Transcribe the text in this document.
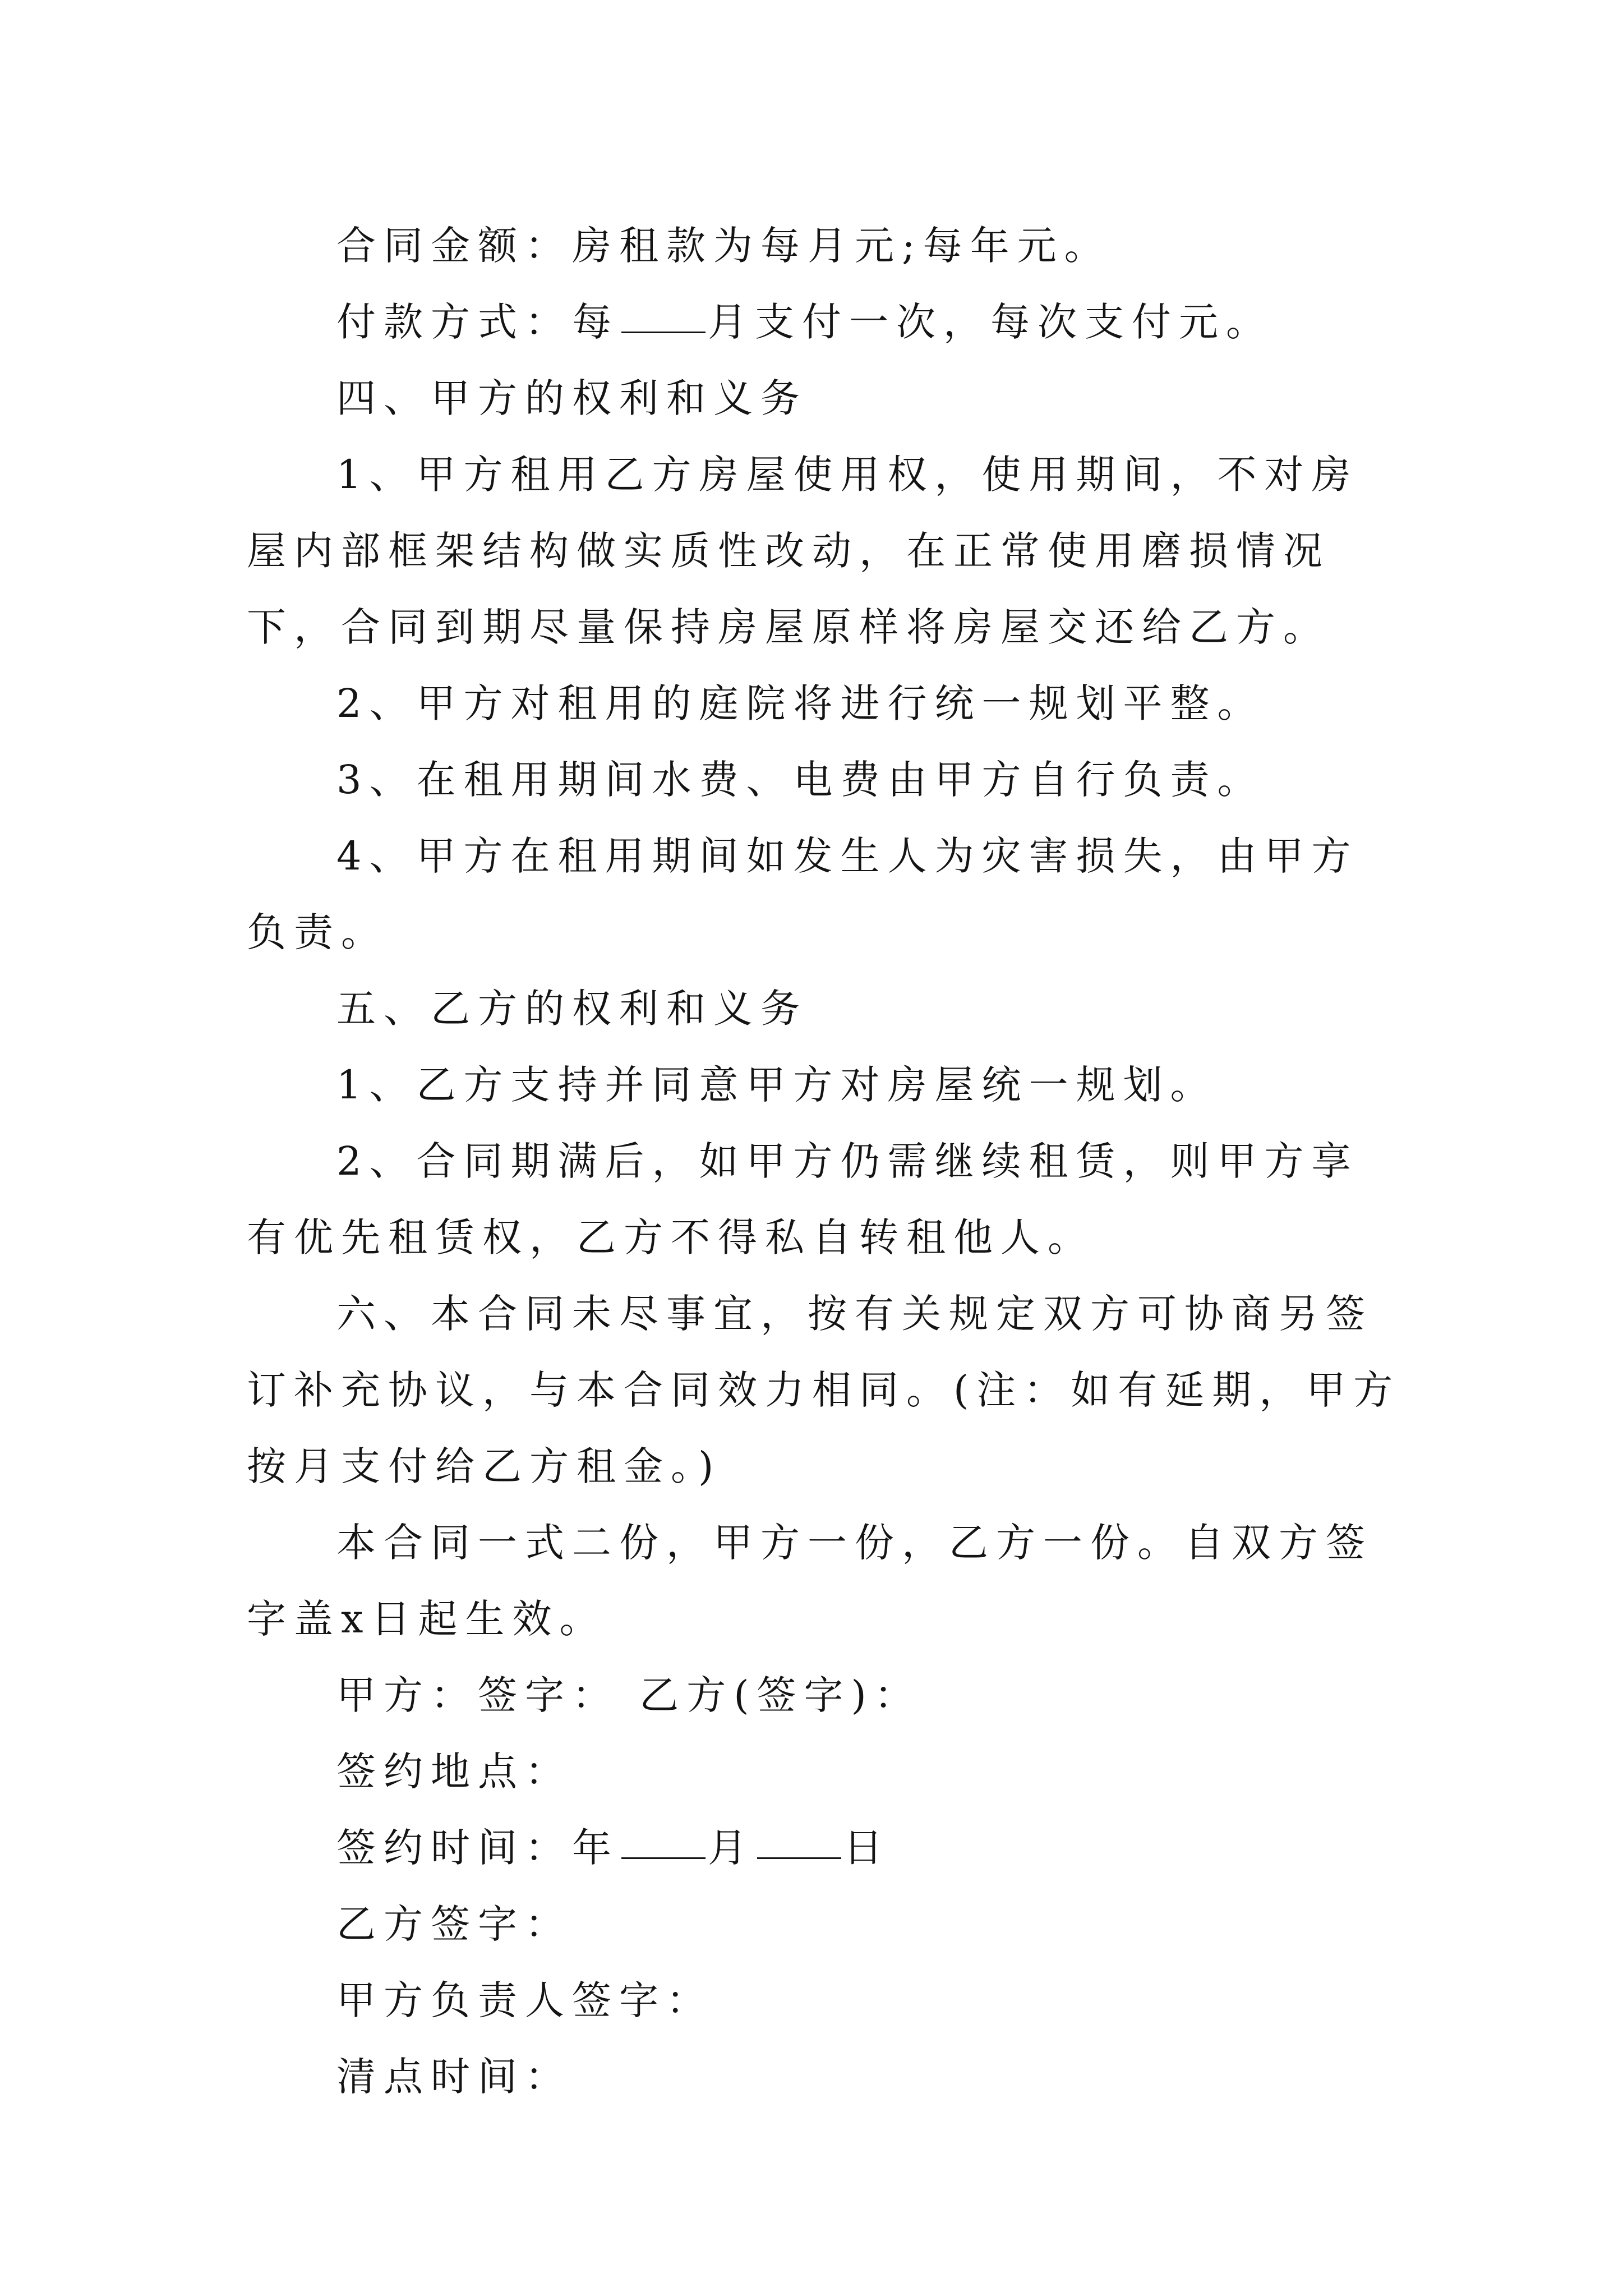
合同金额：房租款为每月元;每年元。

付款方式：每 月支付一次，每次支付元。

四、甲方的权利和义务

1、甲方租用乙方房屋使用权，使用期间，不对房屋内部框架结构做实质性改动，在正常使用磨损情况下，合同到期尽量保持房屋原样将房屋交还给乙方。

2、甲方对租用的庭院将进行统一规划平整。

3、在租用期间水费、电费由甲方自行负责。

4、甲方在租用期间如发生人为灾害损失，由甲方负责。

五、乙方的权利和义务

1、乙方支持并同意甲方对房屋统一规划。

2、合同期满后，如甲方仍需继续租赁，则甲方享有优先租赁权，乙方不得私自转租他人。

六、本合同未尽事宜，按有关规定双方可协商另签订补充协议，与本合同效力相同。(注：如有延期，甲方按月支付给乙方租金。)

本合同一式二份，甲方一份，乙方一份。自双方签字盖x日起生效。

甲方：签字： 乙方(签字)：

签约地点：

签约时间：年 月 日

乙方签字：

甲方负责人签字：

清点时间：
